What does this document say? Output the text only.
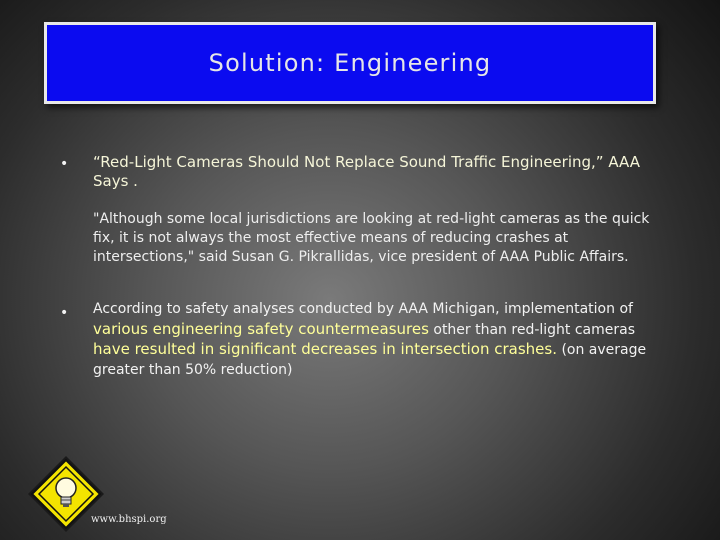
Solution: Engineering
• “Red-Light Cameras Should Not Replace Sound Traffic Engineering,” AAA Says .
"Although some local jurisdictions are looking at red-light cameras as the quick fix, it is not always the most effective means of reducing crashes at intersections," said Susan G. Pikrallidas, vice president of AAA Public Affairs.
• According to safety analyses conducted by AAA Michigan, implementation of various engineering safety countermeasures other than red-light cameras have resulted in significant decreases in intersection crashes. (on average greater than 50% reduction)
www.bhspi.org
